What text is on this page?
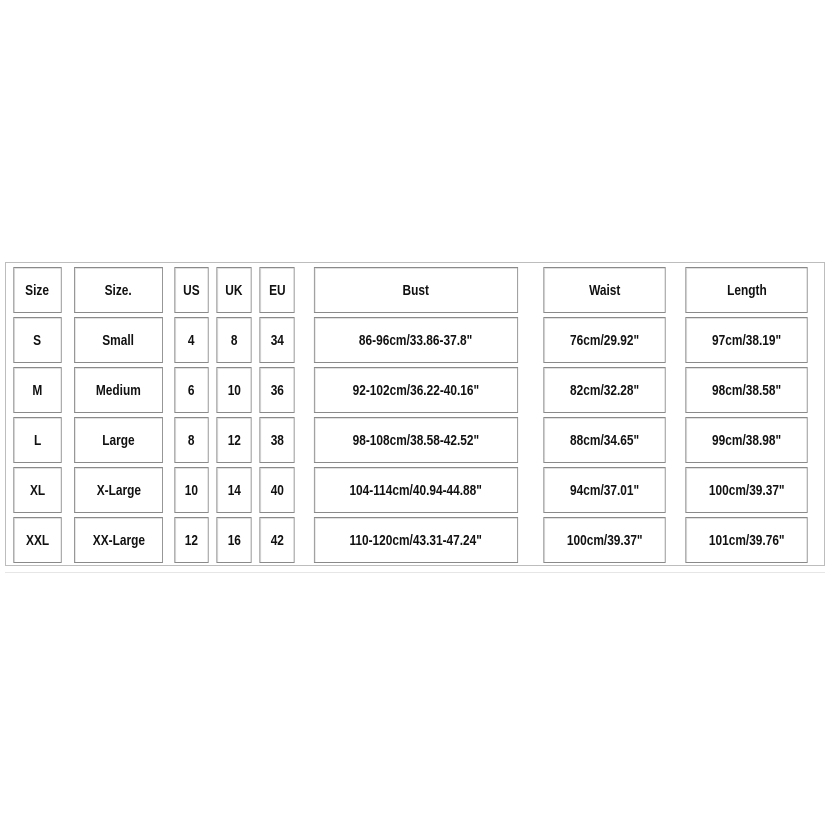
Size	Size.	US	UK	EU	Bust	Waist	Length
S	Small	4	8	34	86-96cm/33.86-37.8"	76cm/29.92"	97cm/38.19"
M	Medium	6	10	36	92-102cm/36.22-40.16"	82cm/32.28"	98cm/38.58"
L	Large	8	12	38	98-108cm/38.58-42.52"	88cm/34.65"	99cm/38.98"
XL	X-Large	10	14	40	104-114cm/40.94-44.88"	94cm/37.01"	100cm/39.37"
XXL	XX-Large	12	16	42	110-120cm/43.31-47.24"	100cm/39.37"	101cm/39.76"
